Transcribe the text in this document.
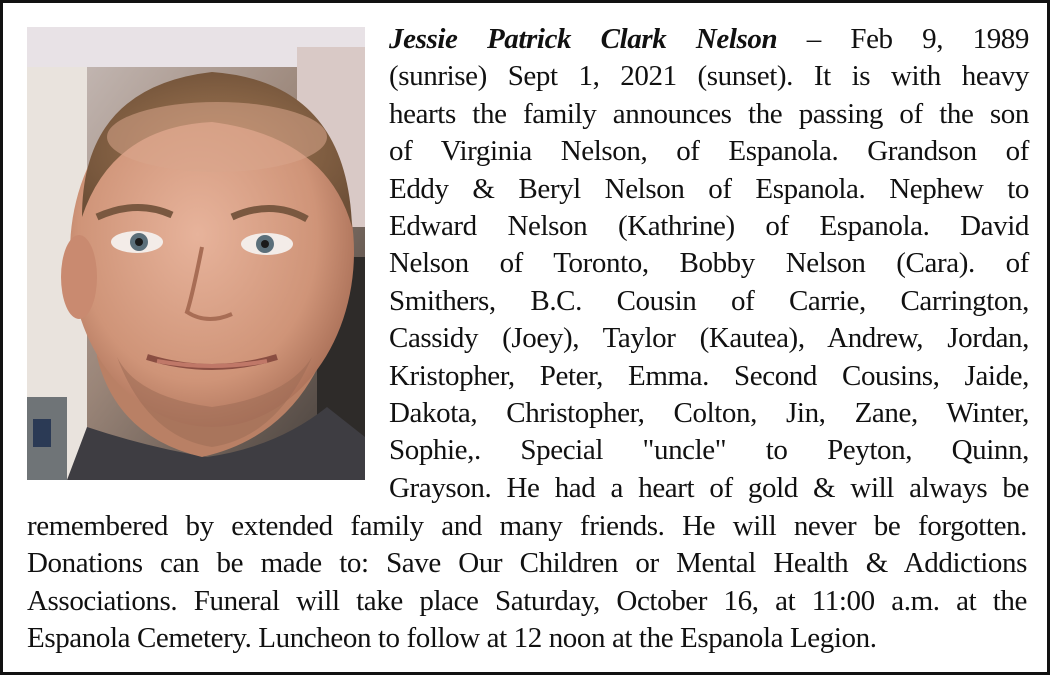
Jessie Patrick Clark Nelson – Feb 9, 1989
(sunrise) Sept 1, 2021 (sunset). It is with heavy
hearts the family announces the passing of the son
of Virginia Nelson, of Espanola. Grandson of
Eddy & Beryl Nelson of Espanola. Nephew to
Edward Nelson (Kathrine) of Espanola. David
Nelson of Toronto, Bobby Nelson (Cara). of
Smithers, B.C. Cousin of Carrie, Carrington,
Cassidy (Joey), Taylor (Kautea), Andrew, Jordan,
Kristopher, Peter, Emma. Second Cousins, Jaide,
Dakota, Christopher, Colton, Jin, Zane, Winter,
Sophie,. Special "uncle" to Peyton, Quinn,
Grayson. He had a heart of gold & will always be
remembered by extended family and many friends. He will never be forgotten.
Donations can be made to: Save Our Children or Mental Health & Addictions
Associations. Funeral will take place Saturday, October 16, at 11:00 a.m. at the
Espanola Cemetery. Luncheon to follow at 12 noon at the Espanola Legion.
